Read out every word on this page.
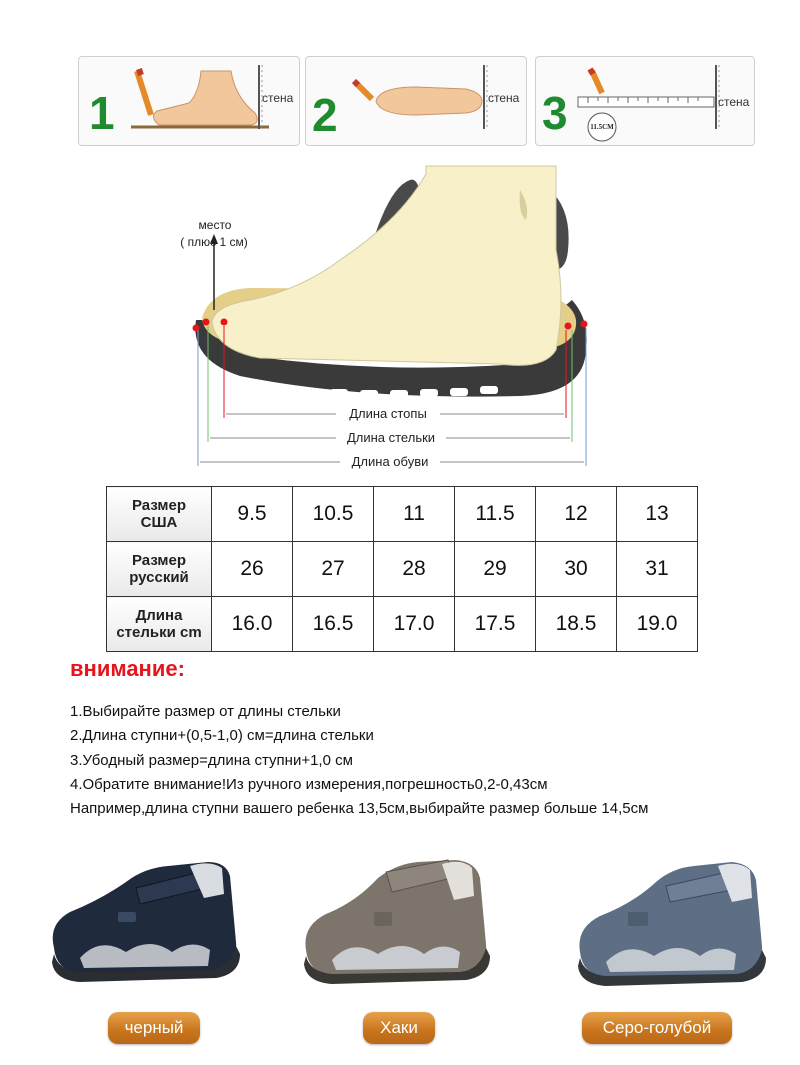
1	стена 2	стена 3	стена
11.5CM
место
( плюс 1 см)
Длина стопы
Длина стельки
Длина обуви
Размер
США	9.5	10.5	11	11.5	12	13
Размер
русский	26	27	28	29	30	31
Длина
стельки cm	16.0	16.5	17.0	17.5	18.5	19.0
внимание:
1.Выбирайте размер от длины стельки
2.Длина ступни+(0,5-1,0) см=длина стельки
3.Убодный размер=длина ступни+1,0 см
4.Обратите внимание!Из ручного измерения,погрешность0,2-0,43см
Например,длина ступни вашего ребенка 13,5см,выбирайте размер больше 14,5см
черный	Хаки	Серо-голубой
